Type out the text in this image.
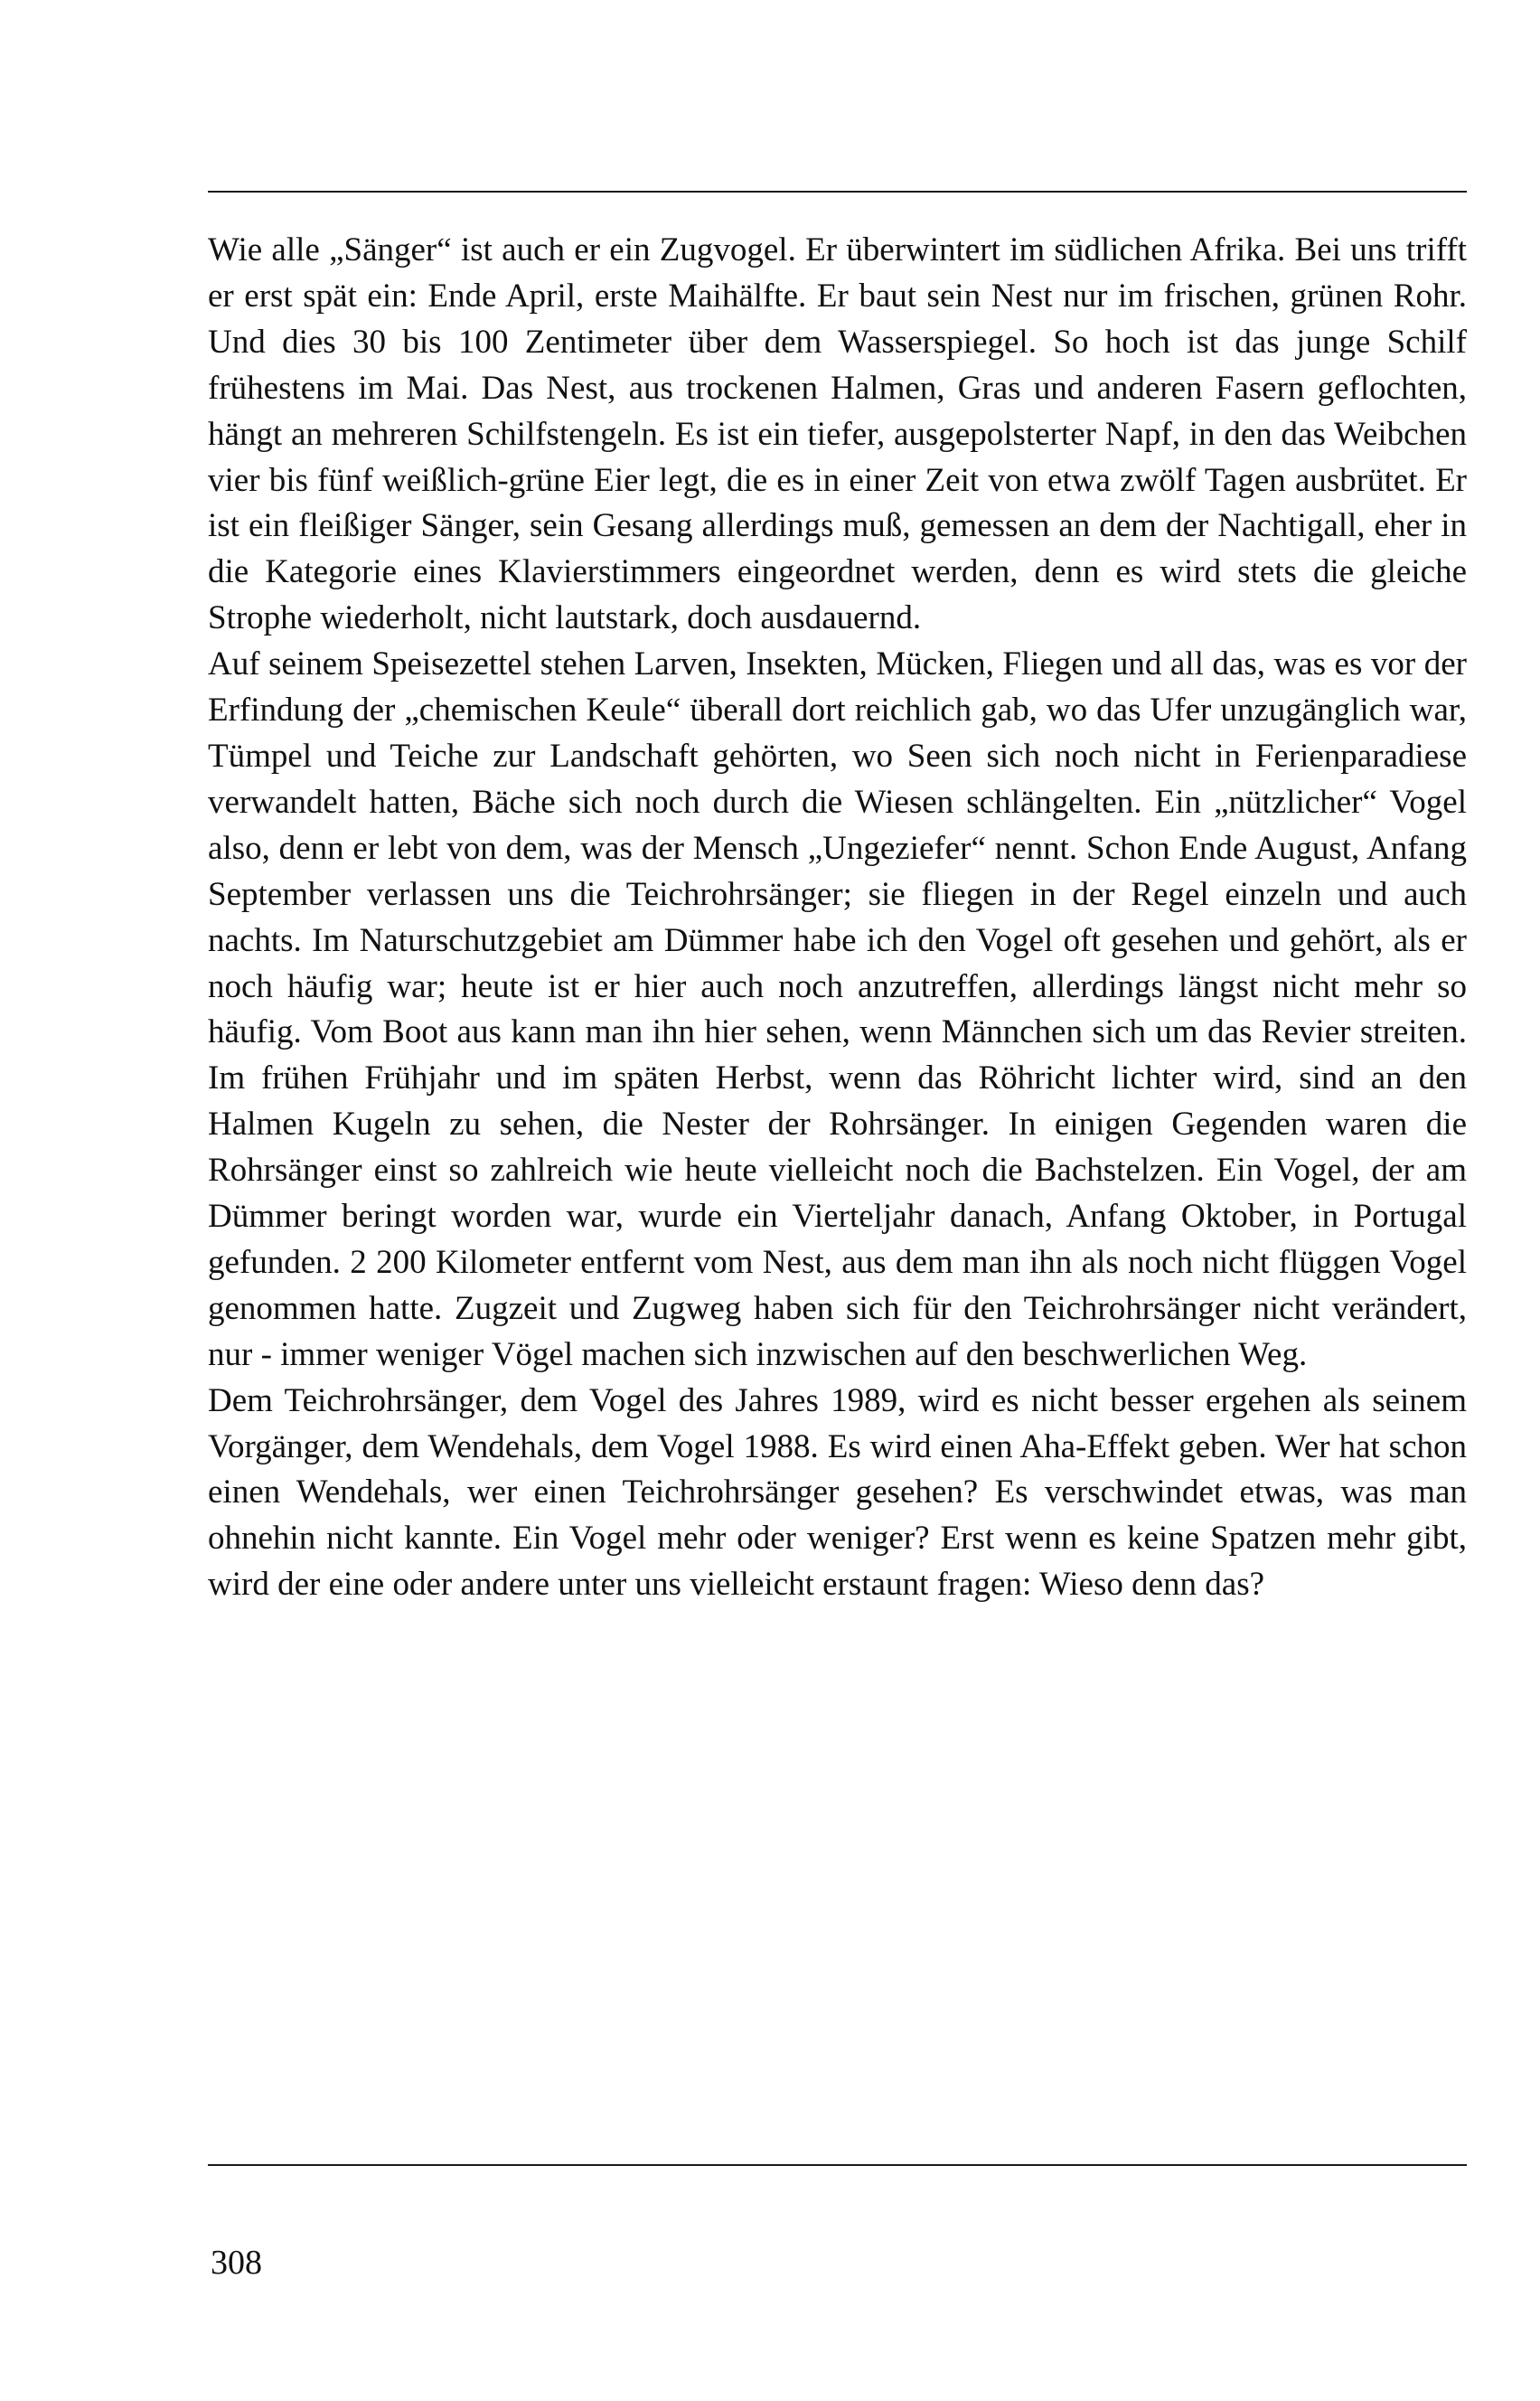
Wie alle „Sänger“ ist auch er ein Zugvogel. Er überwintert im südlichen Afrika. Bei uns trifft er erst spät ein: Ende April, erste Maihälfte. Er baut sein Nest nur im frischen, grünen Rohr. Und dies 30 bis 100 Zentimeter über dem Wasserspiegel. So hoch ist das junge Schilf frühestens im Mai. Das Nest, aus trockenen Halmen, Gras und anderen Fasern geflochten, hängt an mehreren Schilfstengeln. Es ist ein tiefer, ausgepolsterter Napf, in den das Weibchen vier bis fünf weißlich-grüne Eier legt, die es in einer Zeit von etwa zwölf Tagen ausbrütet. Er ist ein fleißiger Sänger, sein Gesang allerdings muß, gemessen an dem der Nachtigall, eher in die Kategorie eines Klavierstimmers eingeordnet werden, denn es wird stets die gleiche Strophe wiederholt, nicht lautstark, doch ausdauernd.

Auf seinem Speisezettel stehen Larven, Insekten, Mücken, Fliegen und all das, was es vor der Erfindung der „chemischen Keule“ überall dort reichlich gab, wo das Ufer unzugänglich war, Tümpel und Teiche zur Landschaft gehörten, wo Seen sich noch nicht in Ferienparadiese verwandelt hatten, Bäche sich noch durch die Wiesen schlängelten. Ein „nützlicher“ Vogel also, denn er lebt von dem, was der Mensch „Ungeziefer“ nennt. Schon Ende August, Anfang September verlassen uns die Teichrohrsänger; sie fliegen in der Regel einzeln und auch nachts. Im Naturschutzgebiet am Dümmer habe ich den Vogel oft gesehen und gehört, als er noch häufig war; heute ist er hier auch noch anzutreffen, allerdings längst nicht mehr so häufig. Vom Boot aus kann man ihn hier sehen, wenn Männchen sich um das Revier streiten. Im frühen Frühjahr und im späten Herbst, wenn das Röhricht lichter wird, sind an den Halmen Kugeln zu sehen, die Nester der Rohrsänger. In einigen Gegenden waren die Rohrsänger einst so zahlreich wie heute vielleicht noch die Bachstelzen. Ein Vogel, der am Dümmer beringt worden war, wurde ein Vierteljahr danach, Anfang Oktober, in Portugal gefunden. 2 200 Kilometer entfernt vom Nest, aus dem man ihn als noch nicht flüggen Vogel genommen hatte. Zugzeit und Zugweg haben sich für den Teichrohrsänger nicht verändert, nur - immer weniger Vögel machen sich inzwischen auf den beschwerlichen Weg.

Dem Teichrohrsänger, dem Vogel des Jahres 1989, wird es nicht besser ergehen als seinem Vorgänger, dem Wendehals, dem Vogel 1988. Es wird einen Aha-Effekt geben. Wer hat schon einen Wendehals, wer einen Teichrohrsänger gesehen? Es verschwindet etwas, was man ohnehin nicht kannte. Ein Vogel mehr oder weniger? Erst wenn es keine Spatzen mehr gibt, wird der eine oder andere unter uns vielleicht erstaunt fragen: Wieso denn das?

308
